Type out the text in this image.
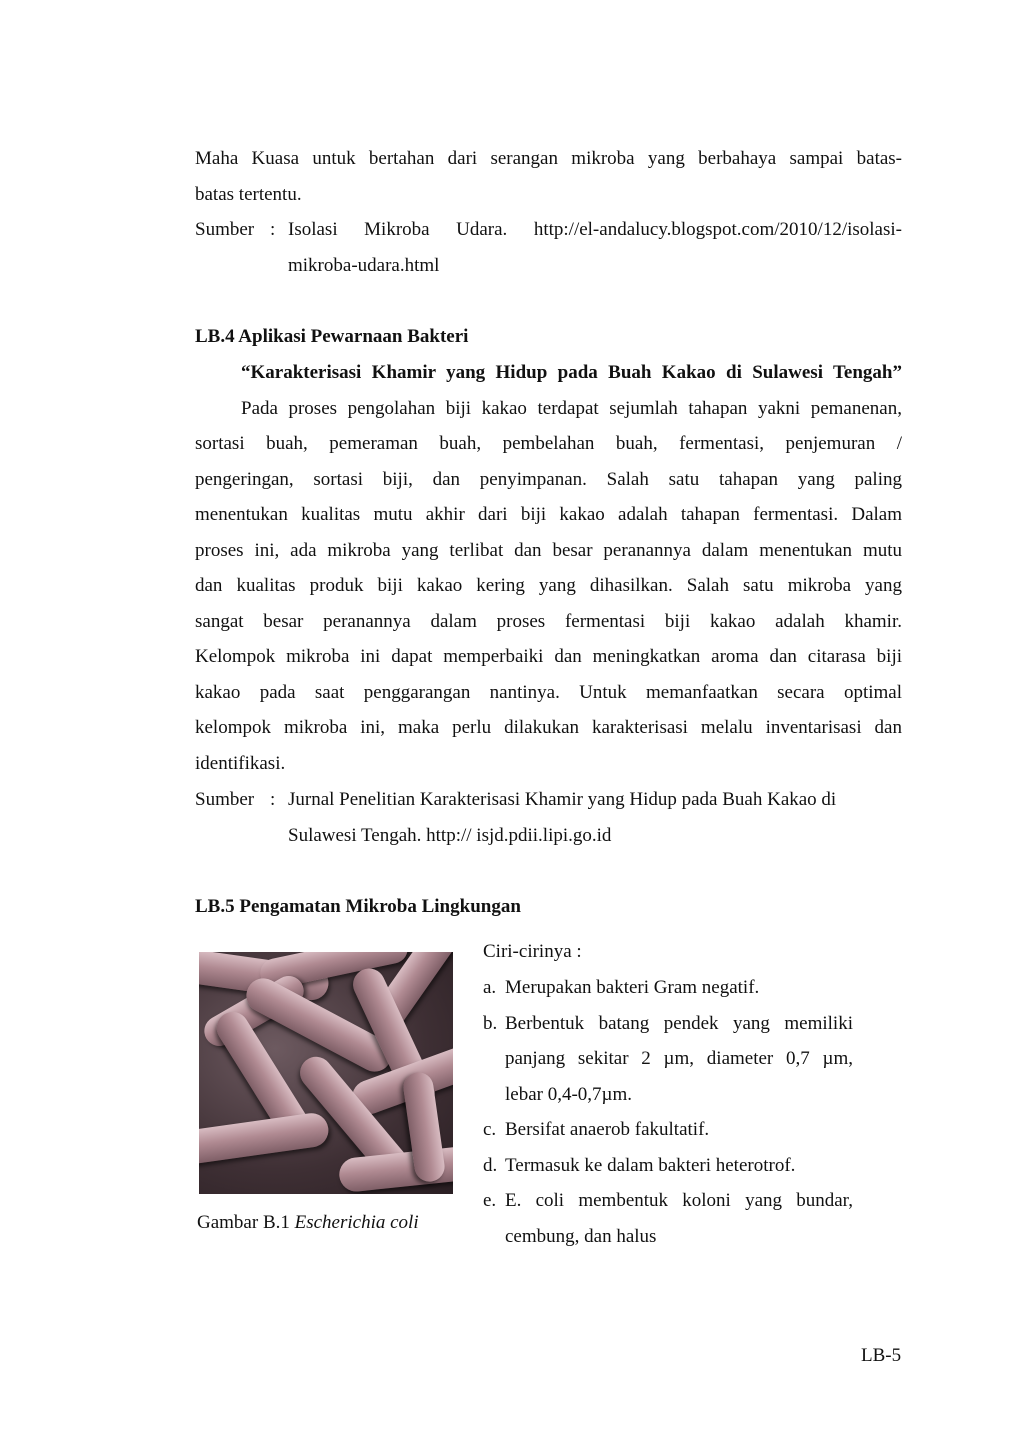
Maha Kuasa untuk bertahan dari serangan mikroba yang berbahaya sampai batas-
batas tertentu.
Sumber : Isolasi Mikroba Udara. http://el-andalucy.blogspot.com/2010/12/isolasi-
mikroba-udara.html
LB.4 Aplikasi Pewarnaan Bakteri
“Karakterisasi Khamir yang Hidup pada Buah Kakao di Sulawesi Tengah”
Pada proses pengolahan biji kakao terdapat sejumlah tahapan yakni pemanenan,
sortasi buah, pemeraman buah, pembelahan buah, fermentasi, penjemuran /
pengeringan, sortasi biji, dan penyimpanan. Salah satu tahapan yang paling
menentukan kualitas mutu akhir dari biji kakao adalah tahapan fermentasi. Dalam
proses ini, ada mikroba yang terlibat dan besar peranannya dalam menentukan mutu
dan kualitas produk biji kakao kering yang dihasilkan. Salah satu mikroba yang
sangat besar peranannya dalam proses fermentasi biji kakao adalah khamir.
Kelompok mikroba ini dapat memperbaiki dan meningkatkan aroma dan citarasa biji
kakao pada saat penggarangan nantinya. Untuk memanfaatkan secara optimal
kelompok mikroba ini, maka perlu dilakukan karakterisasi melalu inventarisasi dan
identifikasi.
Sumber : Jurnal Penelitian Karakterisasi Khamir yang Hidup pada Buah Kakao di
Sulawesi Tengah. http:// isjd.pdii.lipi.go.id
LB.5 Pengamatan Mikroba Lingkungan
Gambar B.1 Escherichia coli
Ciri-cirinya :
a. Merupakan bakteri Gram negatif.
b. Berbentuk batang pendek yang memiliki
panjang sekitar 2 µm, diameter 0,7 µm,
lebar 0,4-0,7µm.
c. Bersifat anaerob fakultatif.
d. Termasuk ke dalam bakteri heterotrof.
e. E. coli membentuk koloni yang bundar,
cembung, dan halus
LB-5
